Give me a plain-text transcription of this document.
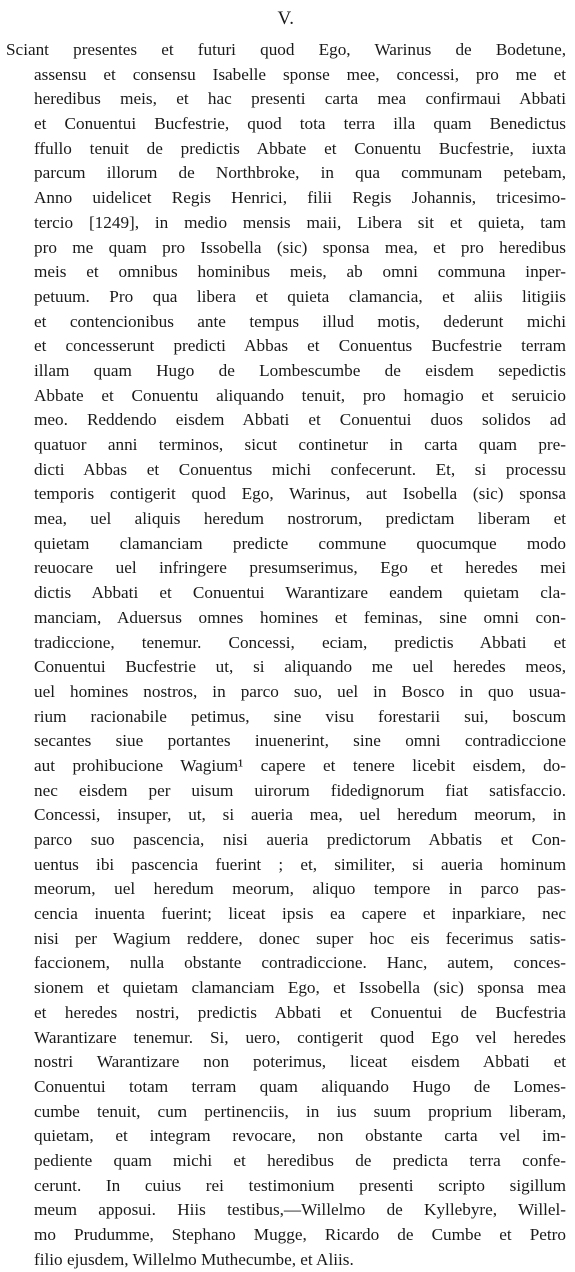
V.
Sciant presentes et futuri quod Ego, Warinus de Bodetune,
assensu et consensu Isabelle sponse mee, concessi, pro me et
heredibus meis, et hac presenti carta mea confirmaui Abbati
et Conuentui Bucfestrie, quod tota terra illa quam Benedictus
ffullo tenuit de predictis Abbate et Conuentu Bucfestrie, iuxta
parcum illorum de Northbroke, in qua communam petebam,
Anno uidelicet Regis Henrici, filii Regis Johannis, tricesimo-
tercio [1249], in medio mensis maii, Libera sit et quieta, tam
pro me quam pro Issobella (sic) sponsa mea, et pro heredibus
meis et omnibus hominibus meis, ab omni communa inper-
petuum. Pro qua libera et quieta clamancia, et aliis litigiis
et contencionibus ante tempus illud motis, dederunt michi
et concesserunt predicti Abbas et Conuentus Bucfestrie terram
illam quam Hugo de Lombescumbe de eisdem sepedictis
Abbate et Conuentu aliquando tenuit, pro homagio et seruicio
meo. Reddendo eisdem Abbati et Conuentui duos solidos ad
quatuor anni terminos, sicut continetur in carta quam pre-
dicti Abbas et Conuentus michi confecerunt. Et, si processu
temporis contigerit quod Ego, Warinus, aut Isobella (sic) sponsa
mea, uel aliquis heredum nostrorum, predictam liberam et
quietam clamanciam predicte commune quocumque modo
reuocare uel infringere presumserimus, Ego et heredes mei
dictis Abbati et Conuentui Warantizare eandem quietam cla-
manciam, Aduersus omnes homines et feminas, sine omni con-
tradiccione, tenemur. Concessi, eciam, predictis Abbati et
Conuentui Bucfestrie ut, si aliquando me uel heredes meos,
uel homines nostros, in parco suo, uel in Bosco in quo usua-
rium racionabile petimus, sine visu forestarii sui, boscum
secantes siue portantes inuenerint, sine omni contradiccione
aut prohibucione Wagium¹ capere et tenere licebit eisdem, do-
nec eisdem per uisum uirorum fidedignorum fiat satisfaccio.
Concessi, insuper, ut, si aueria mea, uel heredum meorum, in
parco suo pascencia, nisi aueria predictorum Abbatis et Con-
uentus ibi pascencia fuerint ; et, similiter, si aueria hominum
meorum, uel heredum meorum, aliquo tempore in parco pas-
cencia inuenta fuerint; liceat ipsis ea capere et inparkiare, nec
nisi per Wagium reddere, donec super hoc eis fecerimus satis-
faccionem, nulla obstante contradiccione. Hanc, autem, conces-
sionem et quietam clamanciam Ego, et Issobella (sic) sponsa mea
et heredes nostri, predictis Abbati et Conuentui de Bucfestria
Warantizare tenemur. Si, uero, contigerit quod Ego vel heredes
nostri Warantizare non poterimus, liceat eisdem Abbati et
Conuentui totam terram quam aliquando Hugo de Lomes-
cumbe tenuit, cum pertinenciis, in ius suum proprium liberam,
quietam, et integram revocare, non obstante carta vel im-
pediente quam michi et heredibus de predicta terra confe-
cerunt. In cuius rei testimonium presenti scripto sigillum
meum apposui. Hiis testibus,—Willelmo de Kyllebyre, Willel-
mo Prudumme, Stephano Mugge, Ricardo de Cumbe et Petro
filio ejusdem, Willelmo Muthecumbe, et Aliis.
